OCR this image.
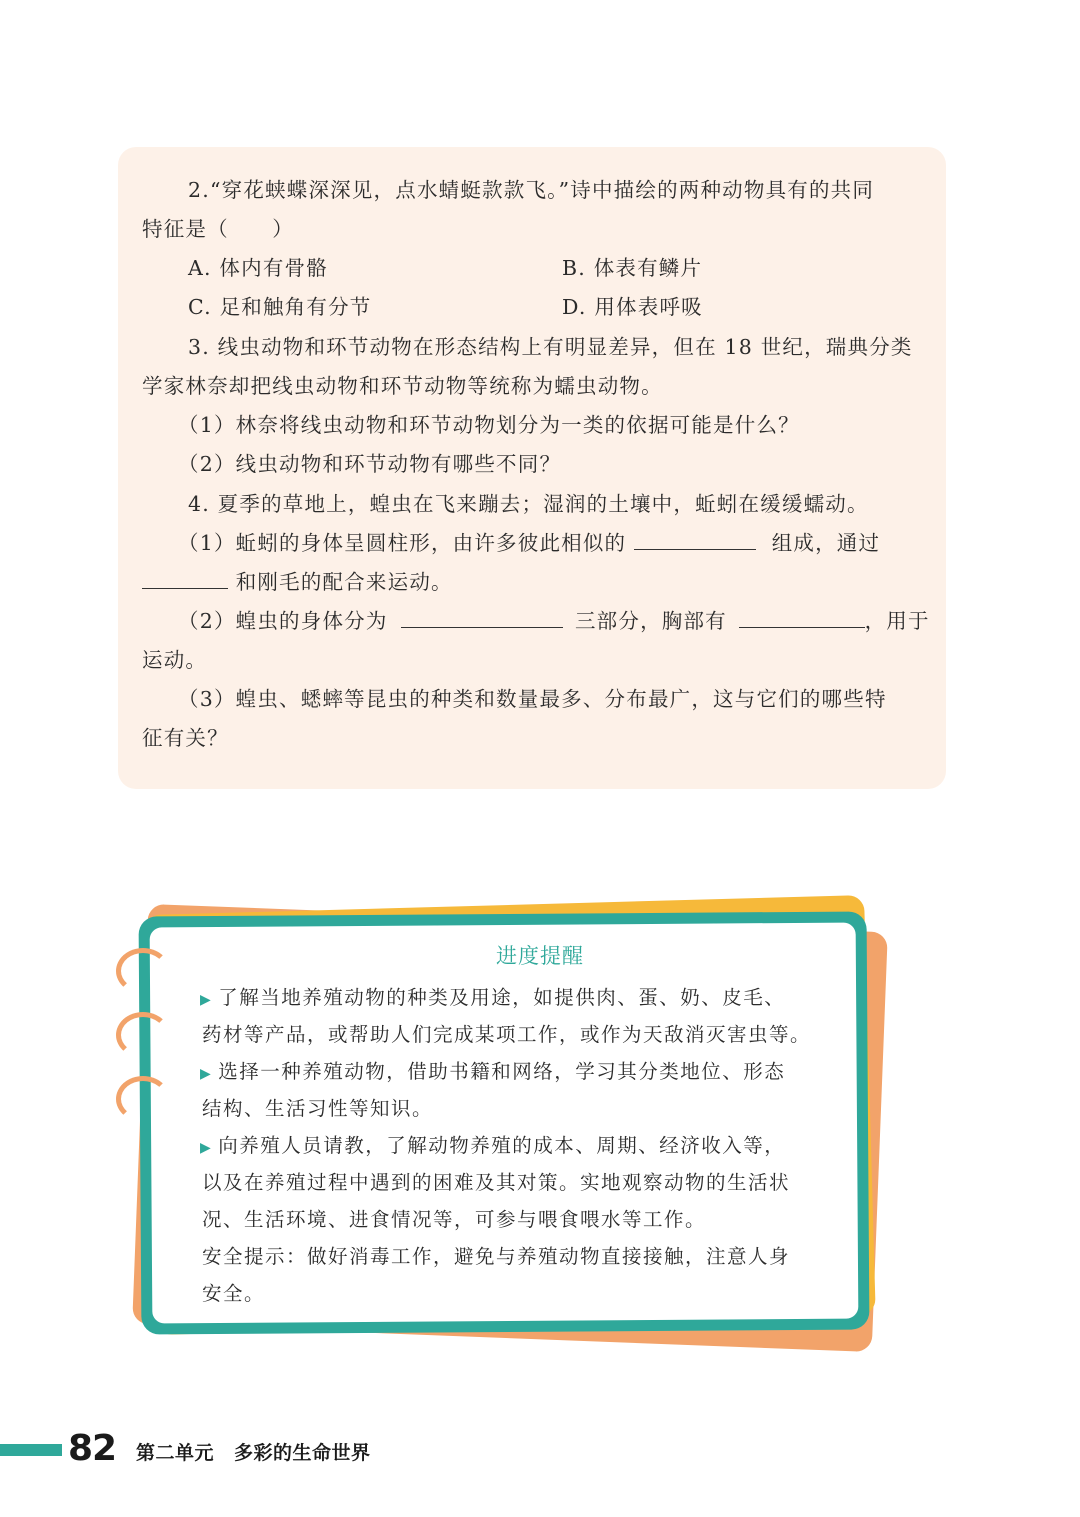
2.“穿花蛱蝶深深见，点水蜻蜓款款飞。”诗中描绘的两种动物具有的共同
特征是（　　）
A. 体内有骨骼	B. 体表有鳞片
C. 足和触角有分节	D. 用体表呼吸
3. 线虫动物和环节动物在形态结构上有明显差异，但在 18 世纪，瑞典分类
学家林奈却把线虫动物和环节动物等统称为蠕虫动物。
（1）林奈将线虫动物和环节动物划分为一类的依据可能是什么？
（2）线虫动物和环节动物有哪些不同？
4. 夏季的草地上，蝗虫在飞来蹦去；湿润的土壤中，蚯蚓在缓缓蠕动。
（1）蚯蚓的身体呈圆柱形，由许多彼此相似的	组成，通过
和刚毛的配合来运动。
（2）蝗虫的身体分为	三部分，胸部有	，用于
运动。
（3）蝗虫、蟋蟀等昆虫的种类和数量最多、分布最广，这与它们的哪些特
征有关？
进度提醒
▶ 了解当地养殖动物的种类及用途，如提供肉、蛋、奶、皮毛、
药材等产品，或帮助人们完成某项工作，或作为天敌消灭害虫等。
▶ 选择一种养殖动物，借助书籍和网络，学习其分类地位、形态
结构、生活习性等知识。
▶ 向养殖人员请教，了解动物养殖的成本、周期、经济收入等，
以及在养殖过程中遇到的困难及其对策。实地观察动物的生活状
况、生活环境、进食情况等，可参与喂食喂水等工作。
安全提示：做好消毒工作，避免与养殖动物直接接触，注意人身
安全。
82 第二单元 多彩的生命世界
